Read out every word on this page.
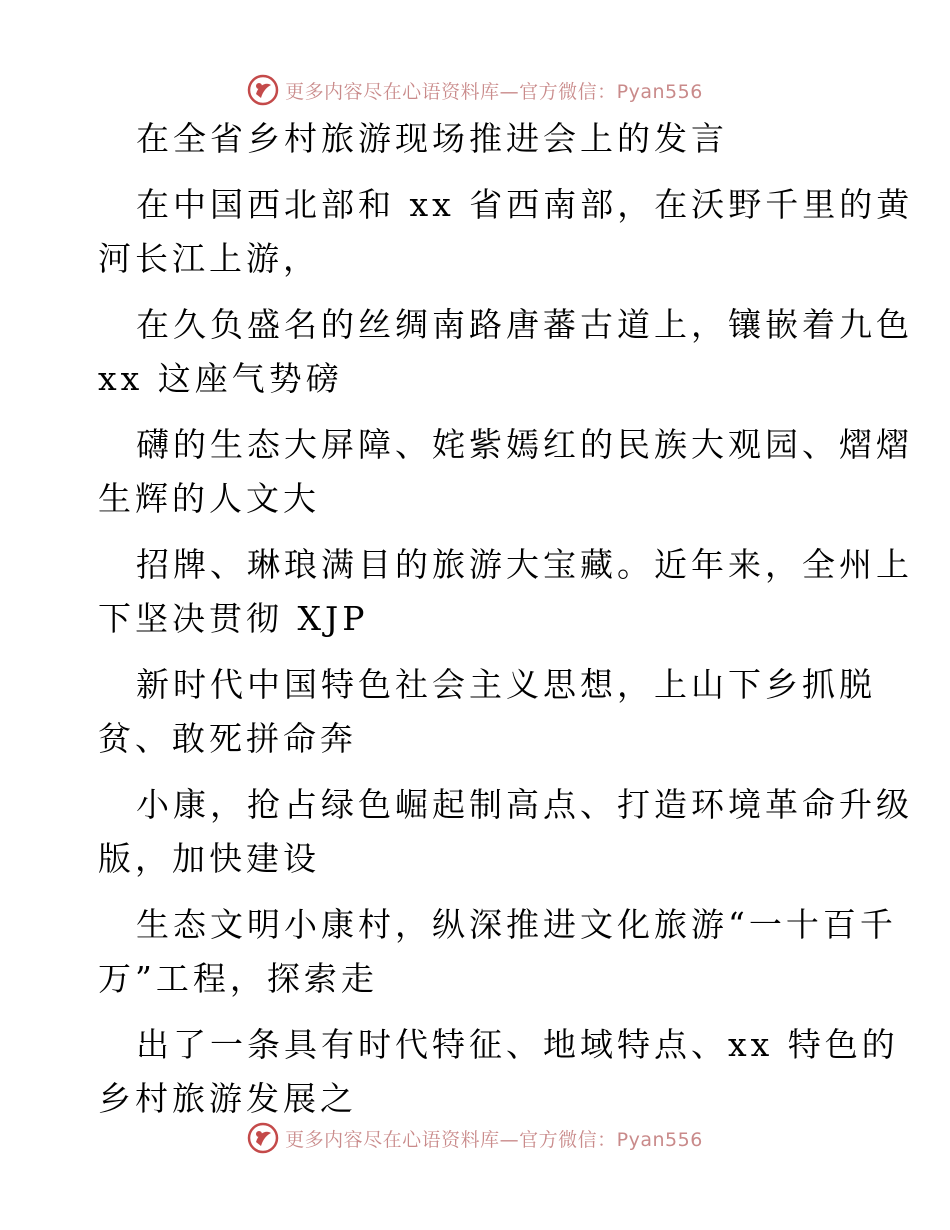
更多内容尽在心语资料库—官方微信：Pyan556

在全省乡村旅游现场推进会上的发言

在中国西北部和 xx 省西南部，在沃野千里的黄

河长江上游，

在久负盛名的丝绸南路唐蕃古道上，镶嵌着九色

xx 这座气势磅

礴的生态大屏障、姹紫嫣红的民族大观园、熠熠

生辉的人文大

招牌、琳琅满目的旅游大宝藏。近年来，全州上

下坚决贯彻 XJP

新时代中国特色社会主义思想，上山下乡抓脱

贫、敢死拼命奔

小康，抢占绿色崛起制高点、打造环境革命升级

版，加快建设

生态文明小康村，纵深推进文化旅游“一十百千

万”工程，探索走

出了一条具有时代特征、地域特点、xx 特色的

乡村旅游发展之

更多内容尽在心语资料库—官方微信：Pyan556
